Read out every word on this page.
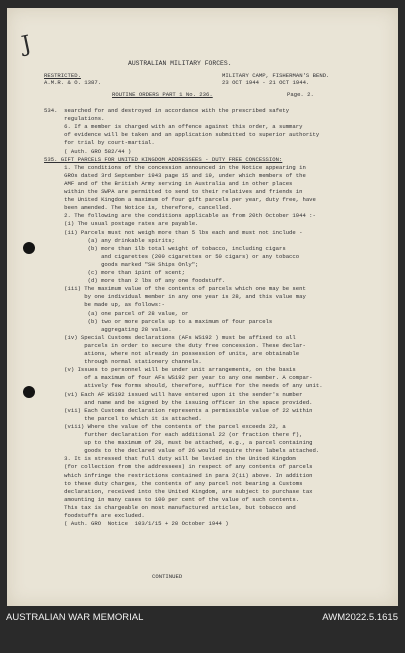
J
AUSTRALIAN MILITARY FORCES.
RESTRICTED.
A.M.R. & O. 1387.
MILITARY CAMP, FISHERMAN'S BEND.
23 OCT 1944 - 21 OCT 1944.
ROUTINE ORDERS PART 1 No. 236.	Page. 2.
534.  searched for and destroyed in accordance with the prescribed safety
regulations.
6. If a member is charged with an offence against this order, a summary
of evidence will be taken and an application submitted to superior authority
for trial by court-martial.
( Auth. GRO 582/44 )
535. GIFT PARCELS FOR UNITED KINGDOM ADDRESSEES - DUTY FREE CONCESSION:
1. The conditions of the concession announced in the Notice appearing in
GROs dated 3rd September 1943 page 15 and 19, under which members of the
AMF and of the British Army serving in Australia and in other places
within the SWPA are permitted to send to their relatives and friends in
the United Kingdom a maximum of four gift parcels per year, duty free, have
been amended. The Notice is, therefore, cancelled.
2. The following are the conditions applicable as from 20th October 1944 :-
(i) The usual postage rates are payable.
(ii) Parcels must not weigh more than 5 lbs each and must not include -
(a) any drinkable spirits;
(b) more than 1lb total weight of tobacco, including cigars
and cigarettes (200 cigarettes or 50 cigars) or any tobacco
goods marked "SH Ships Only";
(c) more than 1pint of scent;
(d) more than 2 lbs of any one foodstuff.
(iii) The maximum value of the contents of parcels which one may be sent
by one individual member in any one year is 28, and this value may
be made up, as follows:-
(a) one parcel of 28 value, or
(b) two or more parcels up to a maximum of four parcels
aggregating 28 value.
(iv) Special Customs declarations (AFs WS192 ) must be affixed to all
parcels in order to secure the duty free concession. These declar-
ations, where not already in possession of units, are obtainable
through normal stationery channels.
(v) Issues to personnel will be under unit arrangements, on the basis
of a maximum of four AFs WS192 per year to any one member. A compar-
atively few forms should, therefore, suffice for the needs of any unit.
(vi) Each AF WS192 issued will have entered upon it the sender's number
and name and be signed by the issuing officer in the space provided.
(vii) Each Customs declaration represents a permissible value of 22 within
the parcel to which it is attached.
(viii) Where the value of the contents of the parcel exceeds 22, a
further declaration for each additional 22 (or fraction there f),
up to the maximum of 28, must be attached, e.g., a parcel containing
goods to the declared value of 26 would require three labels attached.
3. It is stressed that full duty will be levied in the United Kingdom
(for collection from the addressees) in respect of any contents of parcels
which infringe the restrictions contained in para 2(ii) above. In addition
to these duty charges, the contents of any parcel not bearing a Customs
declaration, received into the United Kingdom, are subject to purchase tax
amounting in many cases to 100 per cent of the value of such contents.
This tax is chargeable on most manufactured articles, but tobacco and
foodstuffs are excluded.
( Auth. GRO  Notice  103/1/15 + 20 October 1944 )
CONTINUED
AUSTRALIAN WAR MEMORIAL	AWM2022.5.1615
